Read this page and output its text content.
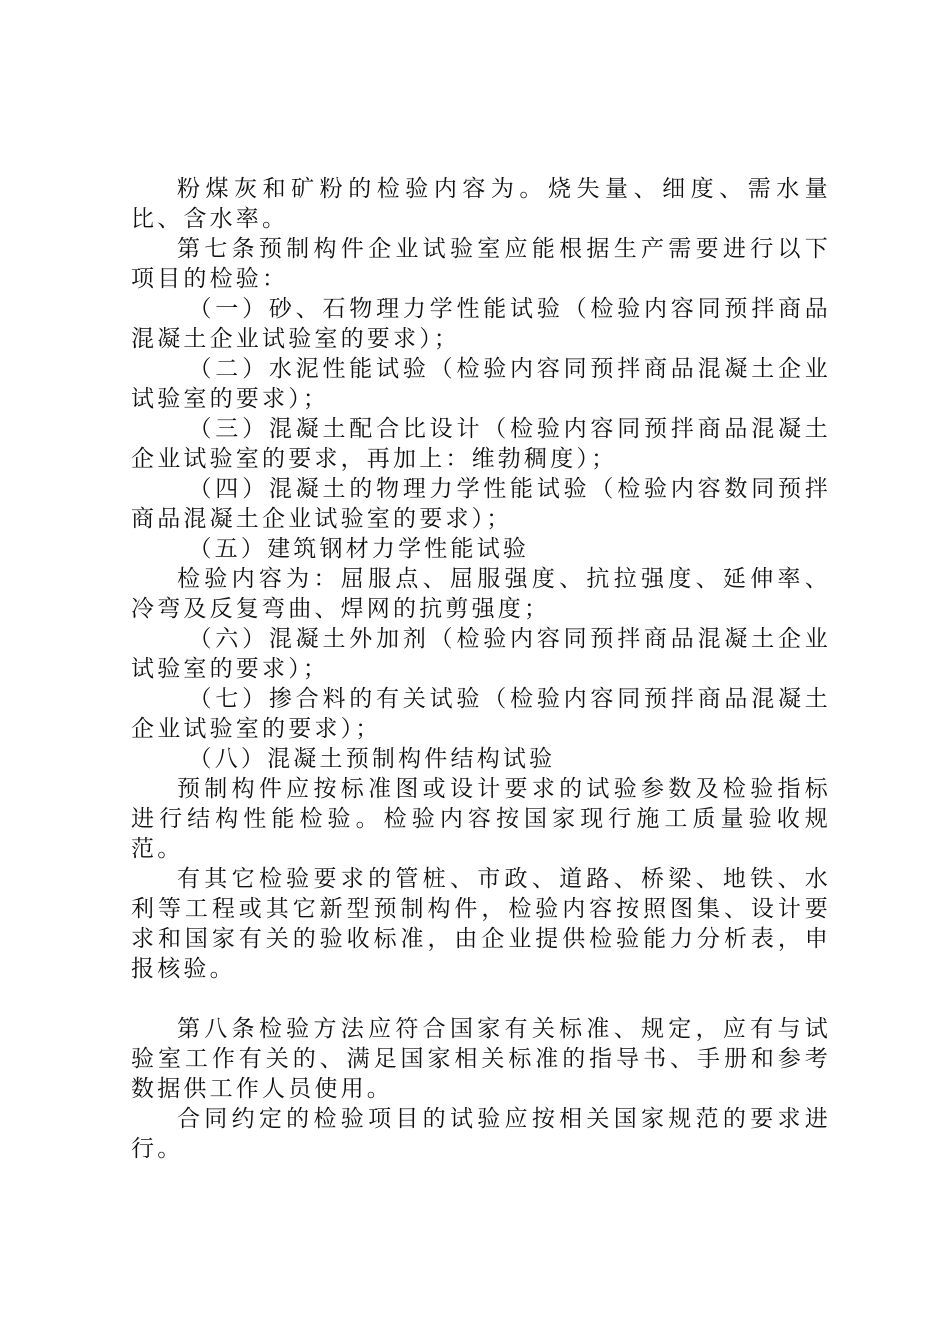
粉煤灰和矿粉的检验内容为。烧失量、细度、需水量比、含水率。

第七条预制构件企业试验室应能根据生产需要进行以下项目的检验：

（一）砂、石物理力学性能试验（检验内容同预拌商品混凝土企业试验室的要求）；

（二）水泥性能试验（检验内容同预拌商品混凝土企业试验室的要求）；

（三）混凝土配合比设计（检验内容同预拌商品混凝土企业试验室的要求，再加上：维勃稠度）；

（四）混凝土的物理力学性能试验（检验内容数同预拌商品混凝土企业试验室的要求）；

（五）建筑钢材力学性能试验

检验内容为：屈服点、屈服强度、抗拉强度、延伸率、冷弯及反复弯曲、焊网的抗剪强度；

（六）混凝土外加剂（检验内容同预拌商品混凝土企业试验室的要求）；

（七）掺合料的有关试验（检验内容同预拌商品混凝土企业试验室的要求）；

（八）混凝土预制构件结构试验

预制构件应按标准图或设计要求的试验参数及检验指标进行结构性能检验。检验内容按国家现行施工质量验收规范。

有其它检验要求的管桩、市政、道路、桥梁、地铁、水利等工程或其它新型预制构件，检验内容按照图集、设计要求和国家有关的验收标准，由企业提供检验能力分析表，申报核验。

第八条检验方法应符合国家有关标准、规定，应有与试验室工作有关的、满足国家相关标准的指导书、手册和参考数据供工作人员使用。

合同约定的检验项目的试验应按相关国家规范的要求进行。
